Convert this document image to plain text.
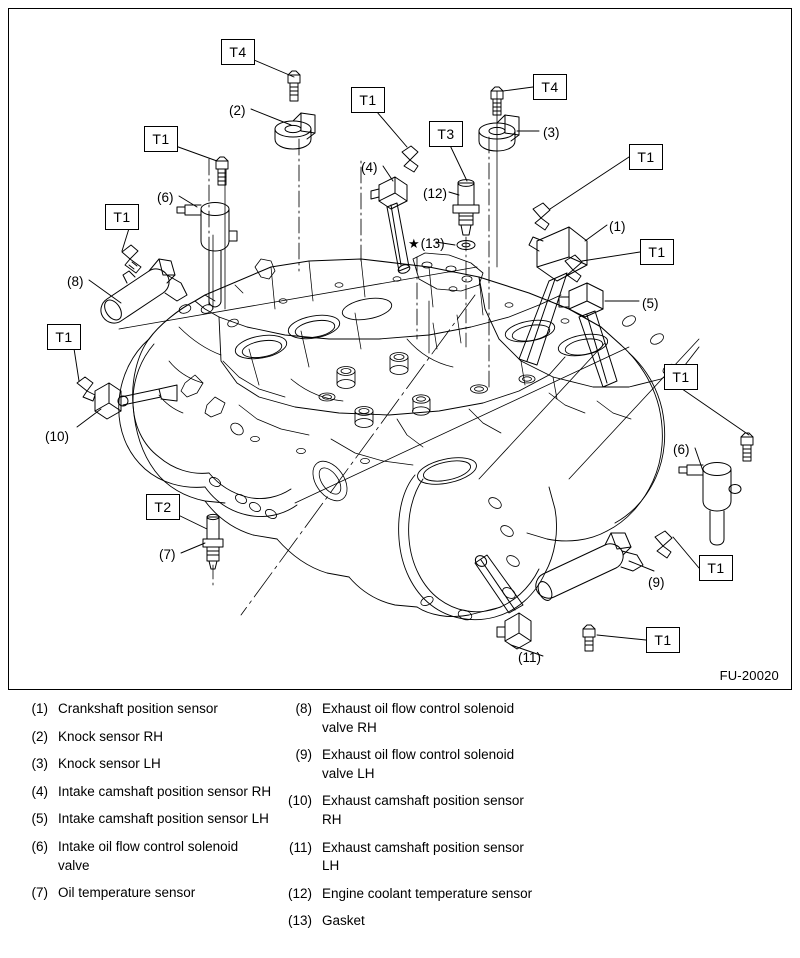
T4
T1
T1
T1
T2
T1
T3
T4
T1
T1
T1
T1
T1
(2)
(6)
(8)
(10)
(7)
(4)
(12)
★ (13)
(3)
(1)
(5)
(6)
(9)
(11)
FU-20020
(1) Crankshaft position sensor
(2) Knock sensor RH
(3) Knock sensor LH
(4) Intake camshaft position sensor RH
(5) Intake camshaft position sensor LH
(6) Intake oil flow control solenoid valve
(7) Oil temperature sensor
(8) Exhaust oil flow control solenoid valve RH
(9) Exhaust oil flow control solenoid valve LH
(10) Exhaust camshaft position sensor RH
(11) Exhaust camshaft position sensor LH
(12) Engine coolant temperature sensor
(13) Gasket
